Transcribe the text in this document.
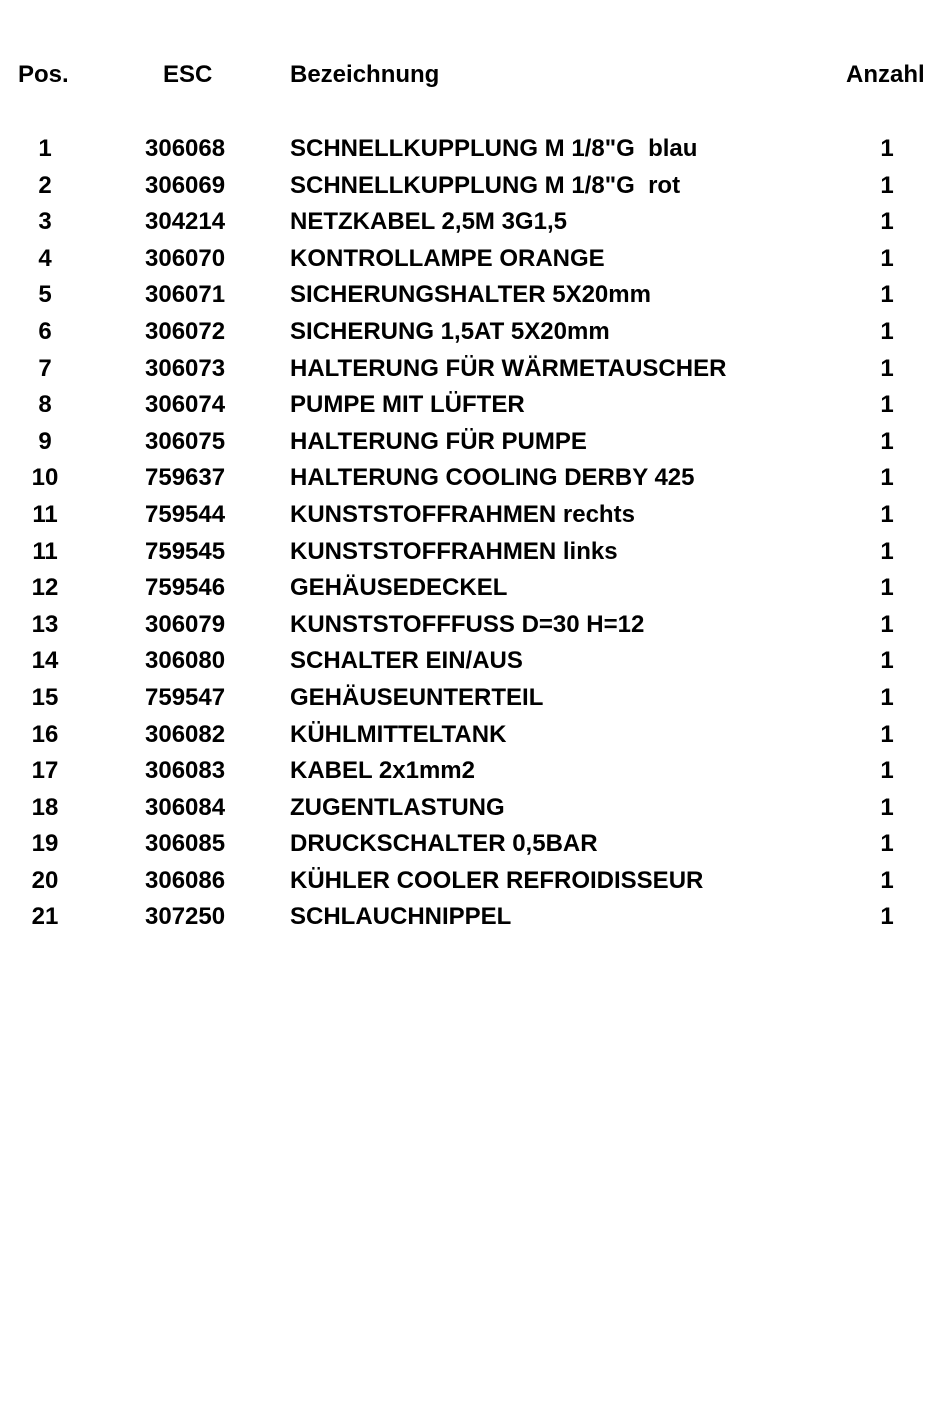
Pos.	ESC	Bezeichnung	Anzahl
1	306068	SCHNELLKUPPLUNG M 1/8"G  blau	1
2	306069	SCHNELLKUPPLUNG M 1/8"G  rot	1
3	304214	NETZKABEL 2,5M 3G1,5	1
4	306070	KONTROLLAMPE ORANGE	1
5	306071	SICHERUNGSHALTER 5X20mm	1
6	306072	SICHERUNG 1,5AT 5X20mm	1
7	306073	HALTERUNG FÜR WÄRMETAUSCHER	1
8	306074	PUMPE MIT LÜFTER	1
9	306075	HALTERUNG FÜR PUMPE	1
10	759637	HALTERUNG COOLING DERBY 425	1
11	759544	KUNSTSTOFFRAHMEN rechts	1
11	759545	KUNSTSTOFFRAHMEN links	1
12	759546	GEHÄUSEDECKEL	1
13	306079	KUNSTSTOFFFUSS D=30 H=12	1
14	306080	SCHALTER EIN/AUS	1
15	759547	GEHÄUSEUNTERTEIL	1
16	306082	KÜHLMITTELTANK	1
17	306083	KABEL 2x1mm2	1
18	306084	ZUGENTLASTUNG	1
19	306085	DRUCKSCHALTER 0,5BAR	1
20	306086	KÜHLER COOLER REFROIDISSEUR	1
21	307250	SCHLAUCHNIPPEL	1
